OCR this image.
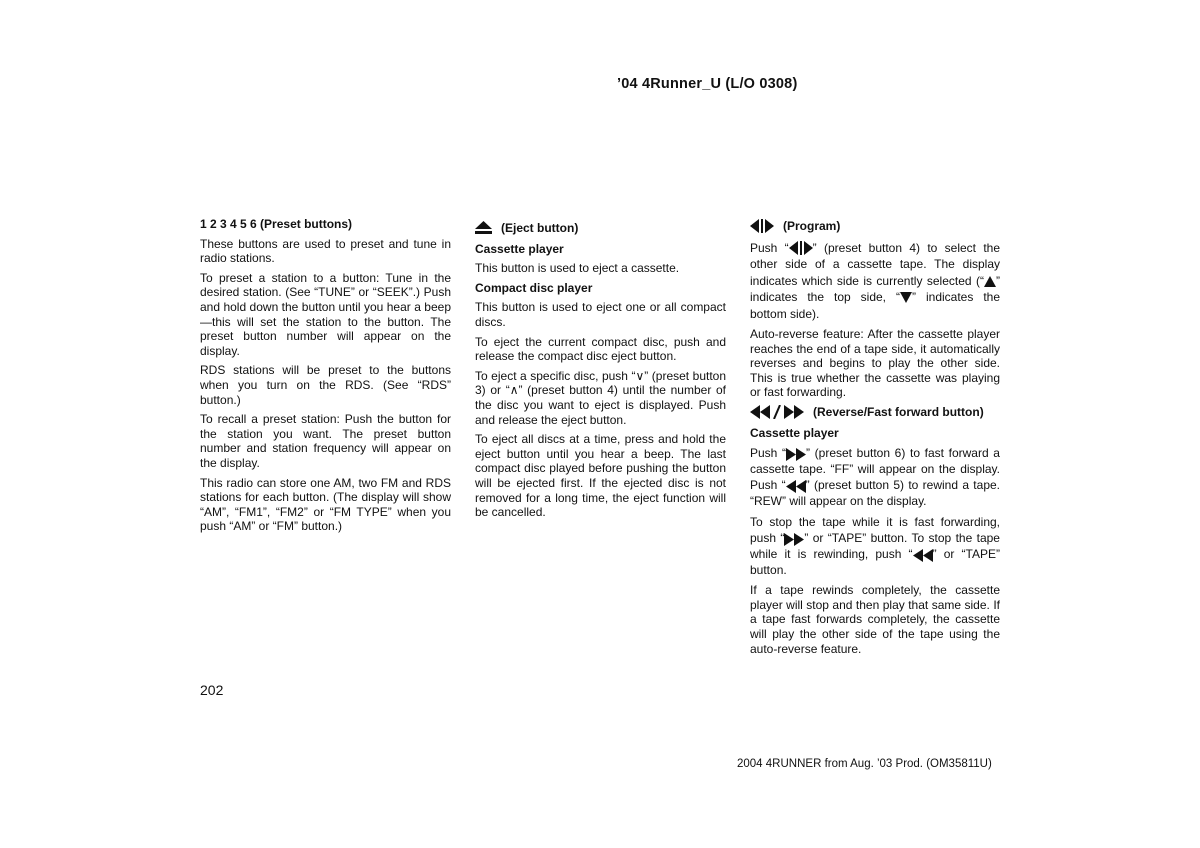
’04 4Runner_U (L/O 0308)

1 2 3 4 5 6 (Preset buttons)

These buttons are used to preset and tune in radio stations.

To preset a station to a button: Tune in the desired station. (See “TUNE” or “SEEK”.) Push and hold down the button until you hear a beep—this will set the station to the button. The preset button number will appear on the display.

RDS stations will be preset to the buttons when you turn on the RDS. (See “RDS” button.)

To recall a preset station: Push the button for the station you want. The preset button number and station frequency will appear on the display.

This radio can store one AM, two FM and RDS stations for each button. (The display will show “AM”, “FM1”, “FM2” or “FM TYPE” when you push “AM” or “FM” button.)

(Eject button)

Cassette player

This button is used to eject a cassette.

Compact disc player

This button is used to eject one or all compact discs.

To eject the current compact disc, push and release the compact disc eject button.

To eject a specific disc, push “∨” (preset button 3) or “∧” (preset button 4) until the number of the disc you want to eject is displayed. Push and release the eject button.

To eject all discs at a time, press and hold the eject button until you hear a beep. The last compact disc played before pushing the button will be ejected first. If the ejected disc is not removed for a long time, the eject function will be cancelled.

(Program)

Push “ ” (preset button 4) to select the other side of a cassette tape. The display indicates which side is currently selected (“ ” indicates the top side, “ ” indicates the bottom side).

Auto-reverse feature: After the cassette player reaches the end of a tape side, it automatically reverses and begins to play the other side. This is true whether the cassette was playing or fast forwarding.

(Reverse/Fast forward button)

Cassette player

Push “ ” (preset button 6) to fast forward a cassette tape. “FF” will appear on the display. Push “ ” (preset button 5) to rewind a tape. “REW” will appear on the display.

To stop the tape while it is fast forwarding, push “ ” or “TAPE” button. To stop the tape while it is rewinding, push “ ” or “TAPE” button.

If a tape rewinds completely, the cassette player will stop and then play that same side. If a tape fast forwards completely, the cassette will play the other side of the tape using the auto-reverse feature.

202
2004 4RUNNER from Aug. ’03 Prod. (OM35811U)
